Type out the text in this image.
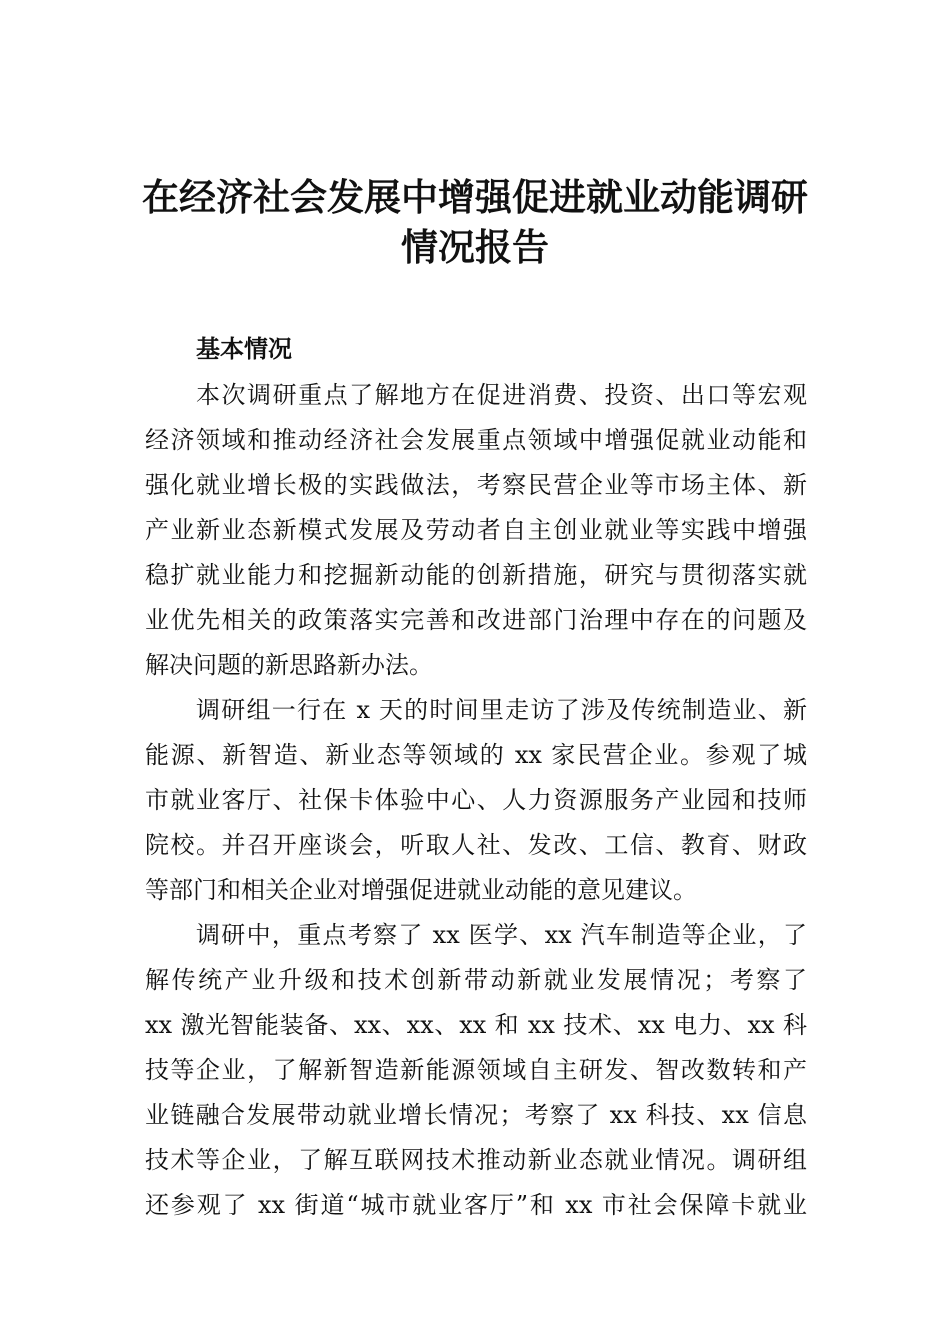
在经济社会发展中增强促进就业动能调研
情况报告
基本情况

本次调研重点了解地方在促进消费、投资、出口等宏观
经济领域和推动经济社会发展重点领域中增强促就业动能和
强化就业增长极的实践做法，考察民营企业等市场主体、新
产业新业态新模式发展及劳动者自主创业就业等实践中增强
稳扩就业能力和挖掘新动能的创新措施，研究与贯彻落实就
业优先相关的政策落实完善和改进部门治理中存在的问题及
解决问题的新思路新办法。

调研组一行在 x 天的时间里走访了涉及传统制造业、新
能源、新智造、新业态等领域的 xx 家民营企业。参观了城
市就业客厅、社保卡体验中心、人力资源服务产业园和技师
院校。并召开座谈会，听取人社、发改、工信、教育、财政
等部门和相关企业对增强促进就业动能的意见建议。

调研中，重点考察了 xx 医学、xx 汽车制造等企业，了
解传统产业升级和技术创新带动新就业发展情况；考察了
xx 激光智能装备、xx、xx、xx 和 xx 技术、xx 电力、xx 科
技等企业，了解新智造新能源领域自主研发、智改数转和产
业链融合发展带动就业增长情况；考察了 xx 科技、xx 信息
技术等企业，了解互联网技术推动新业态就业情况。调研组
还参观了 xx 街道“城市就业客厅”和 xx 市社会保障卡就业
